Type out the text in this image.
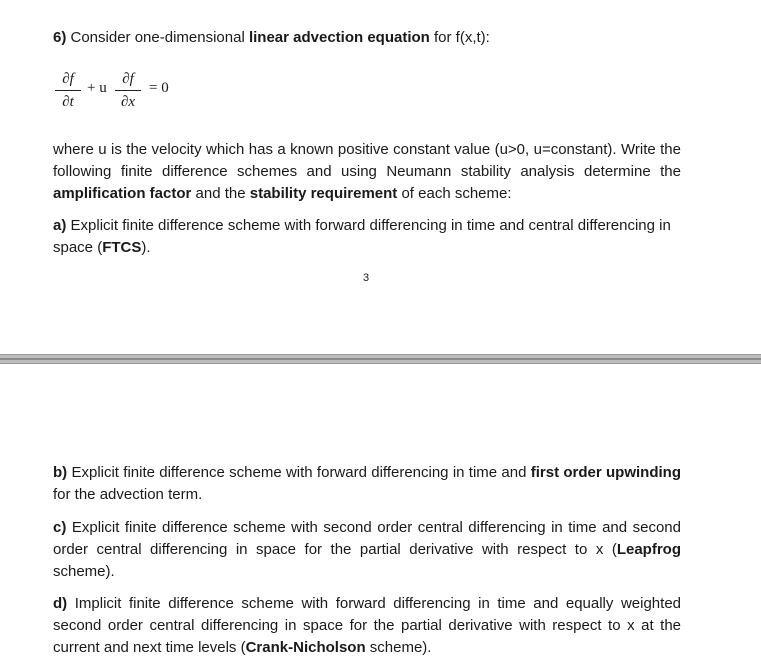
6) Consider one-dimensional linear advection equation for f(x,t):

∂f
∂t
+ u
∂f
∂x
= 0

where u is the velocity which has a known positive constant value (u>0, u=constant). Write the following finite difference schemes and using Neumann stability analysis determine the amplification factor and the stability requirement of each scheme:

a) Explicit finite difference scheme with forward differencing in time and central differencing in space (FTCS).

3

b) Explicit finite difference scheme with forward differencing in time and first order upwinding for the advection term.

c) Explicit finite difference scheme with second order central differencing in time and second order central differencing in space for the partial derivative with respect to x (Leapfrog scheme).

d) Implicit finite difference scheme with forward differencing in time and equally weighted second order central differencing in space for the partial derivative with respect to x at the current and next time levels (Crank-Nicholson scheme).
